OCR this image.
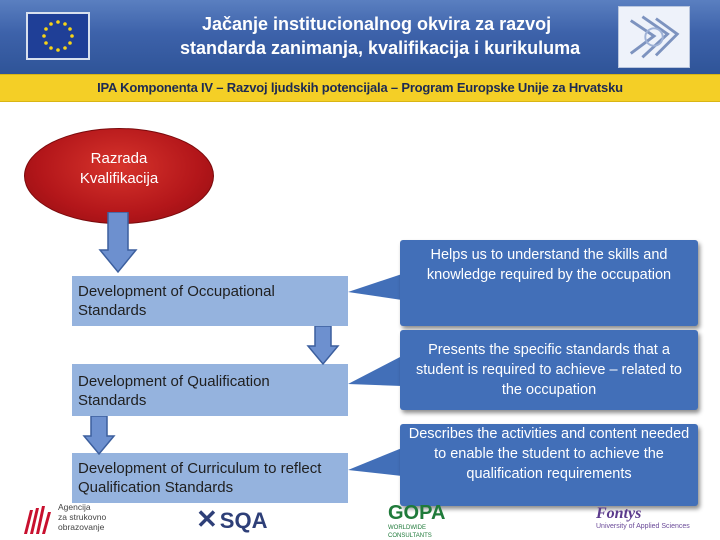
Jačanje institucionalnog okvira za razvoj
standarda zanimanja, kvalifikacija i kurikuluma
IPA Komponenta IV – Razvoj ljudskih potencijala – Program Europske Unije za Hrvatsku
Razrada
Kvalifikacija
Development of Occupational Standards
Development of Qualification Standards
Development of Curriculum to reflect Qualification Standards
Helps us to understand the skills and knowledge required by the occupation
Presents the specific standards that a student is required to achieve – related to the occupation
Describes the activities and content needed to enable the student to achieve the qualification requirements
Agencija
za strukovno
obrazovanje	✕SQA	GOPA
WORLDWIDE CONSULTANTS
Fontys
University of Applied Sciences
